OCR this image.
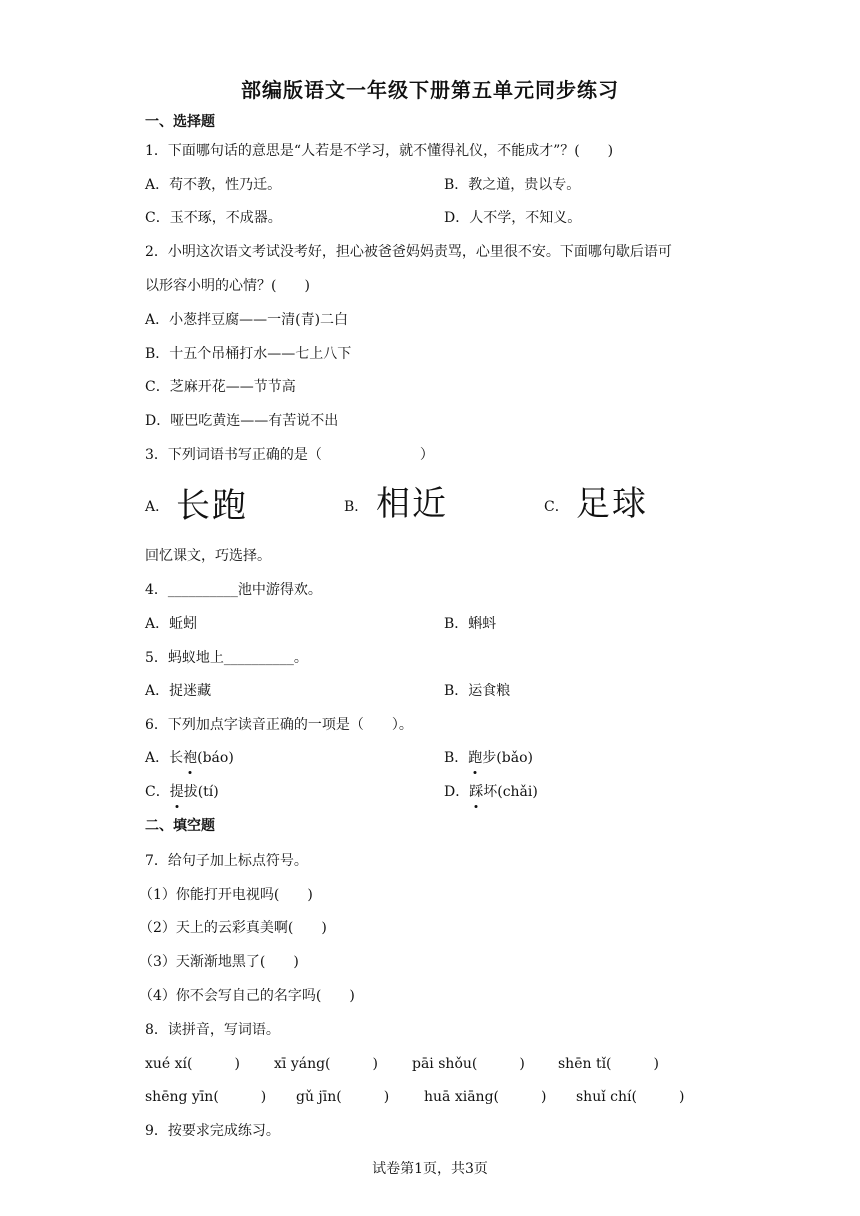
部编版语文一年级下册第五单元同步练习
一、选择题
1．下面哪句话的意思是“人若是不学习，就不懂得礼仪，不能成才”？(　　)
A．苟不教，性乃迁。	B．教之道，贵以专。
C．玉不琢，不成器。	D．人不学，不知义。
2．小明这次语文考试没考好，担心被爸爸妈妈责骂，心里很不安。下面哪句歇后语可
以形容小明的心情？(　　)
A．小葱拌豆腐——一清(青)二白
B．十五个吊桶打水——七上八下
C．芝麻开花——节节高
D．哑巴吃黄连——有苦说不出
3．下列词语书写正确的是（　　　　　　　）
A． 长跑	B． 相近	C． 足球
回忆课文，巧选择。
4．__________池中游得欢。
A．蚯蚓	B．蝌蚪
5．蚂蚁地上__________。
A．捉迷藏	B．运食粮
6．下列加点字读音正确的一项是（　　）。
A．长袍(báo)	B．跑步(bǎo)
C．提拔(tí)	D．踩坏(chǎi)
二、填空题
7．给句子加上标点符号。
（1）你能打开电视吗(　　)
（2）天上的云彩真美啊(　　)
（3）天渐渐地黑了(　　)
（4）你不会写自己的名字吗(　　)
8．读拼音，写词语。
xué xí(　　　) xī yáng(　　　) pāi shǒu(　　　) shēn tǐ(　　　)
shēng yīn(　　　) gǔ jīn(　　　) huā xiāng(　　　) shuǐ chí(　　　)
9．按要求完成练习。
试卷第1页，共3页
